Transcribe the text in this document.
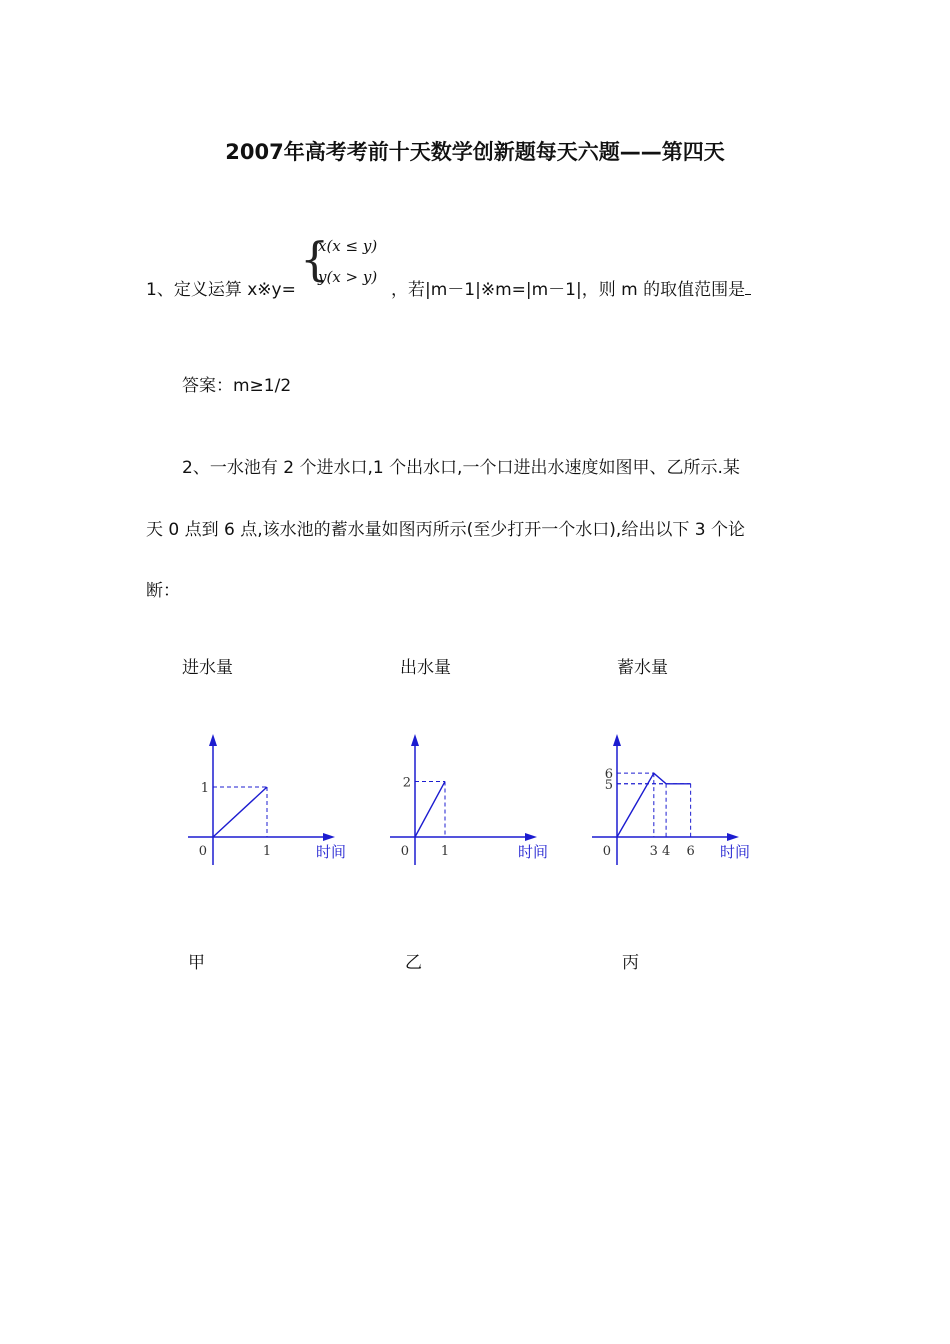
2007年高考考前十天数学创新题每天六题——第四天
1、定义运算 x※y=
{
x(x ≤ y)
y(x > y)
，若|m－1|※m=|m－1|，则 m 的取值范围是
答案：m≥1/2
2、一水池有 2 个进水口,1 个出水口,一个口进出水速度如图甲、乙所示.某
天 0 点到 6 点,该水池的蓄水量如图丙所示(至少打开一个水口),给出以下 3 个论
断：
进水量	出水量	蓄水量
1
1
0	时间	1
2
0	时间	3 4 6
6
5
0	时间
甲	乙	丙
